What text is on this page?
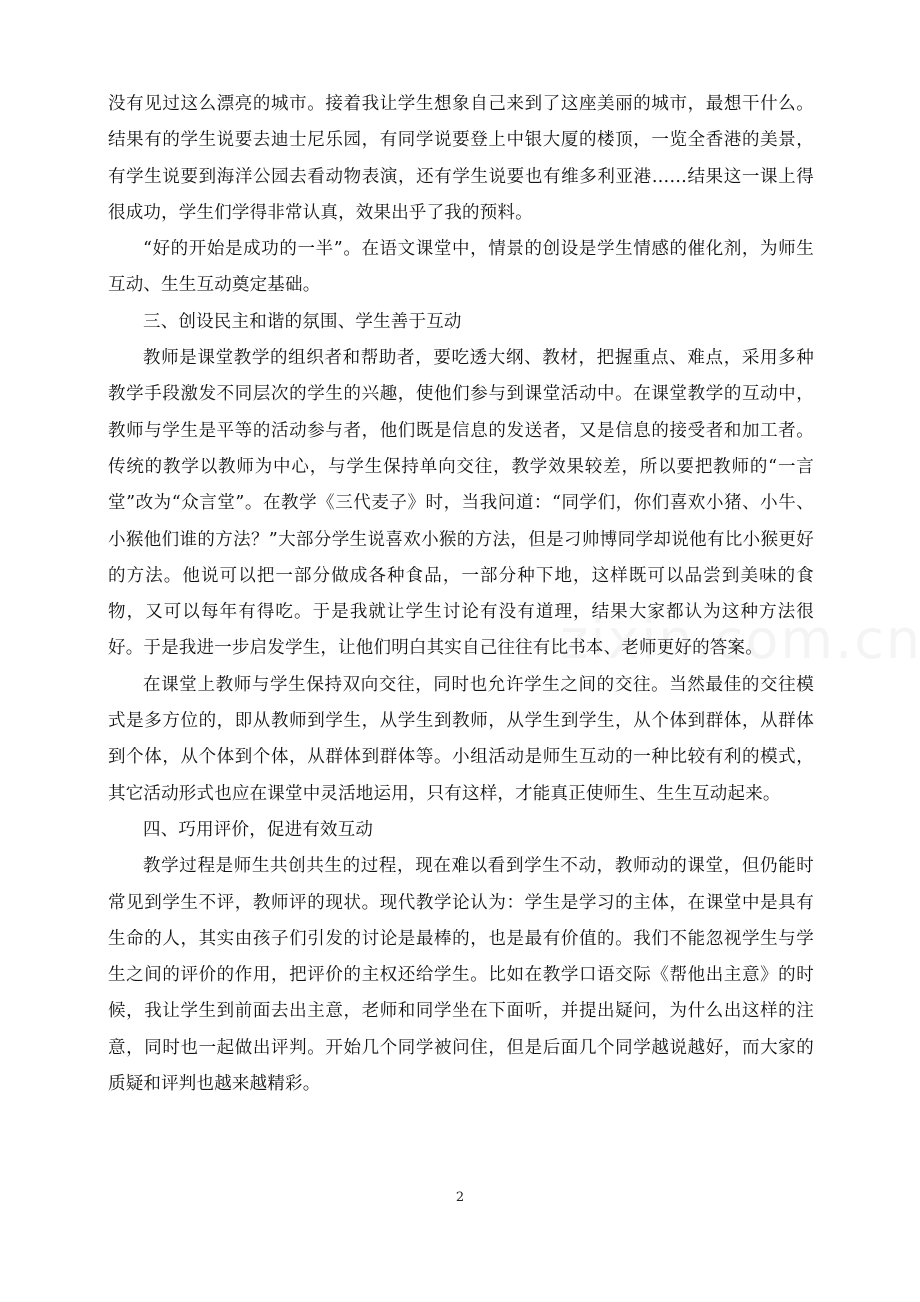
没有见过这么漂亮的城市。接着我让学生想象自己来到了这座美丽的城市，最想干什么。结果有的学生说要去迪士尼乐园，有同学说要登上中银大厦的楼顶，一览全香港的美景，有学生说要到海洋公园去看动物表演，还有学生说要也有维多利亚港……结果这一课上得很成功，学生们学得非常认真，效果出乎了我的预料。

“好的开始是成功的一半”。在语文课堂中，情景的创设是学生情感的催化剂，为师生互动、生生互动奠定基础。

三、创设民主和谐的氛围、学生善于互动

教师是课堂教学的组织者和帮助者，要吃透大纲、教材，把握重点、难点，采用多种教学手段激发不同层次的学生的兴趣，使他们参与到课堂活动中。在课堂教学的互动中，教师与学生是平等的活动参与者，他们既是信息的发送者，又是信息的接受者和加工者。传统的教学以教师为中心，与学生保持单向交往，教学效果较差，所以要把教师的“一言堂”改为“众言堂”。在教学《三代麦子》时，当我问道：“同学们，你们喜欢小猪、小牛、小猴他们谁的方法？”大部分学生说喜欢小猴的方法，但是刁帅博同学却说他有比小猴更好的方法。他说可以把一部分做成各种食品，一部分种下地，这样既可以品尝到美味的食物，又可以每年有得吃。于是我就让学生讨论有没有道理，结果大家都认为这种方法很好。于是我进一步启发学生，让他们明白其实自己往往有比书本、老师更好的答案。

在课堂上教师与学生保持双向交往，同时也允许学生之间的交往。当然最佳的交往模式是多方位的，即从教师到学生，从学生到教师，从学生到学生，从个体到群体，从群体到个体，从个体到个体，从群体到群体等。小组活动是师生互动的一种比较有利的模式，其它活动形式也应在课堂中灵活地运用，只有这样，才能真正使师生、生生互动起来。

四、巧用评价，促进有效互动

教学过程是师生共创共生的过程，现在难以看到学生不动，教师动的课堂，但仍能时常见到学生不评，教师评的现状。现代教学论认为：学生是学习的主体，在课堂中是具有生命的人，其实由孩子们引发的讨论是最棒的，也是最有价值的。我们不能忽视学生与学生之间的评价的作用，把评价的主权还给学生。比如在教学口语交际《帮他出主意》的时候，我让学生到前面去出主意，老师和同学坐在下面听，并提出疑问，为什么出这样的注意，同时也一起做出评判。开始几个同学被问住，但是后面几个同学越说越好，而大家的质疑和评判也越来越精彩。

2
